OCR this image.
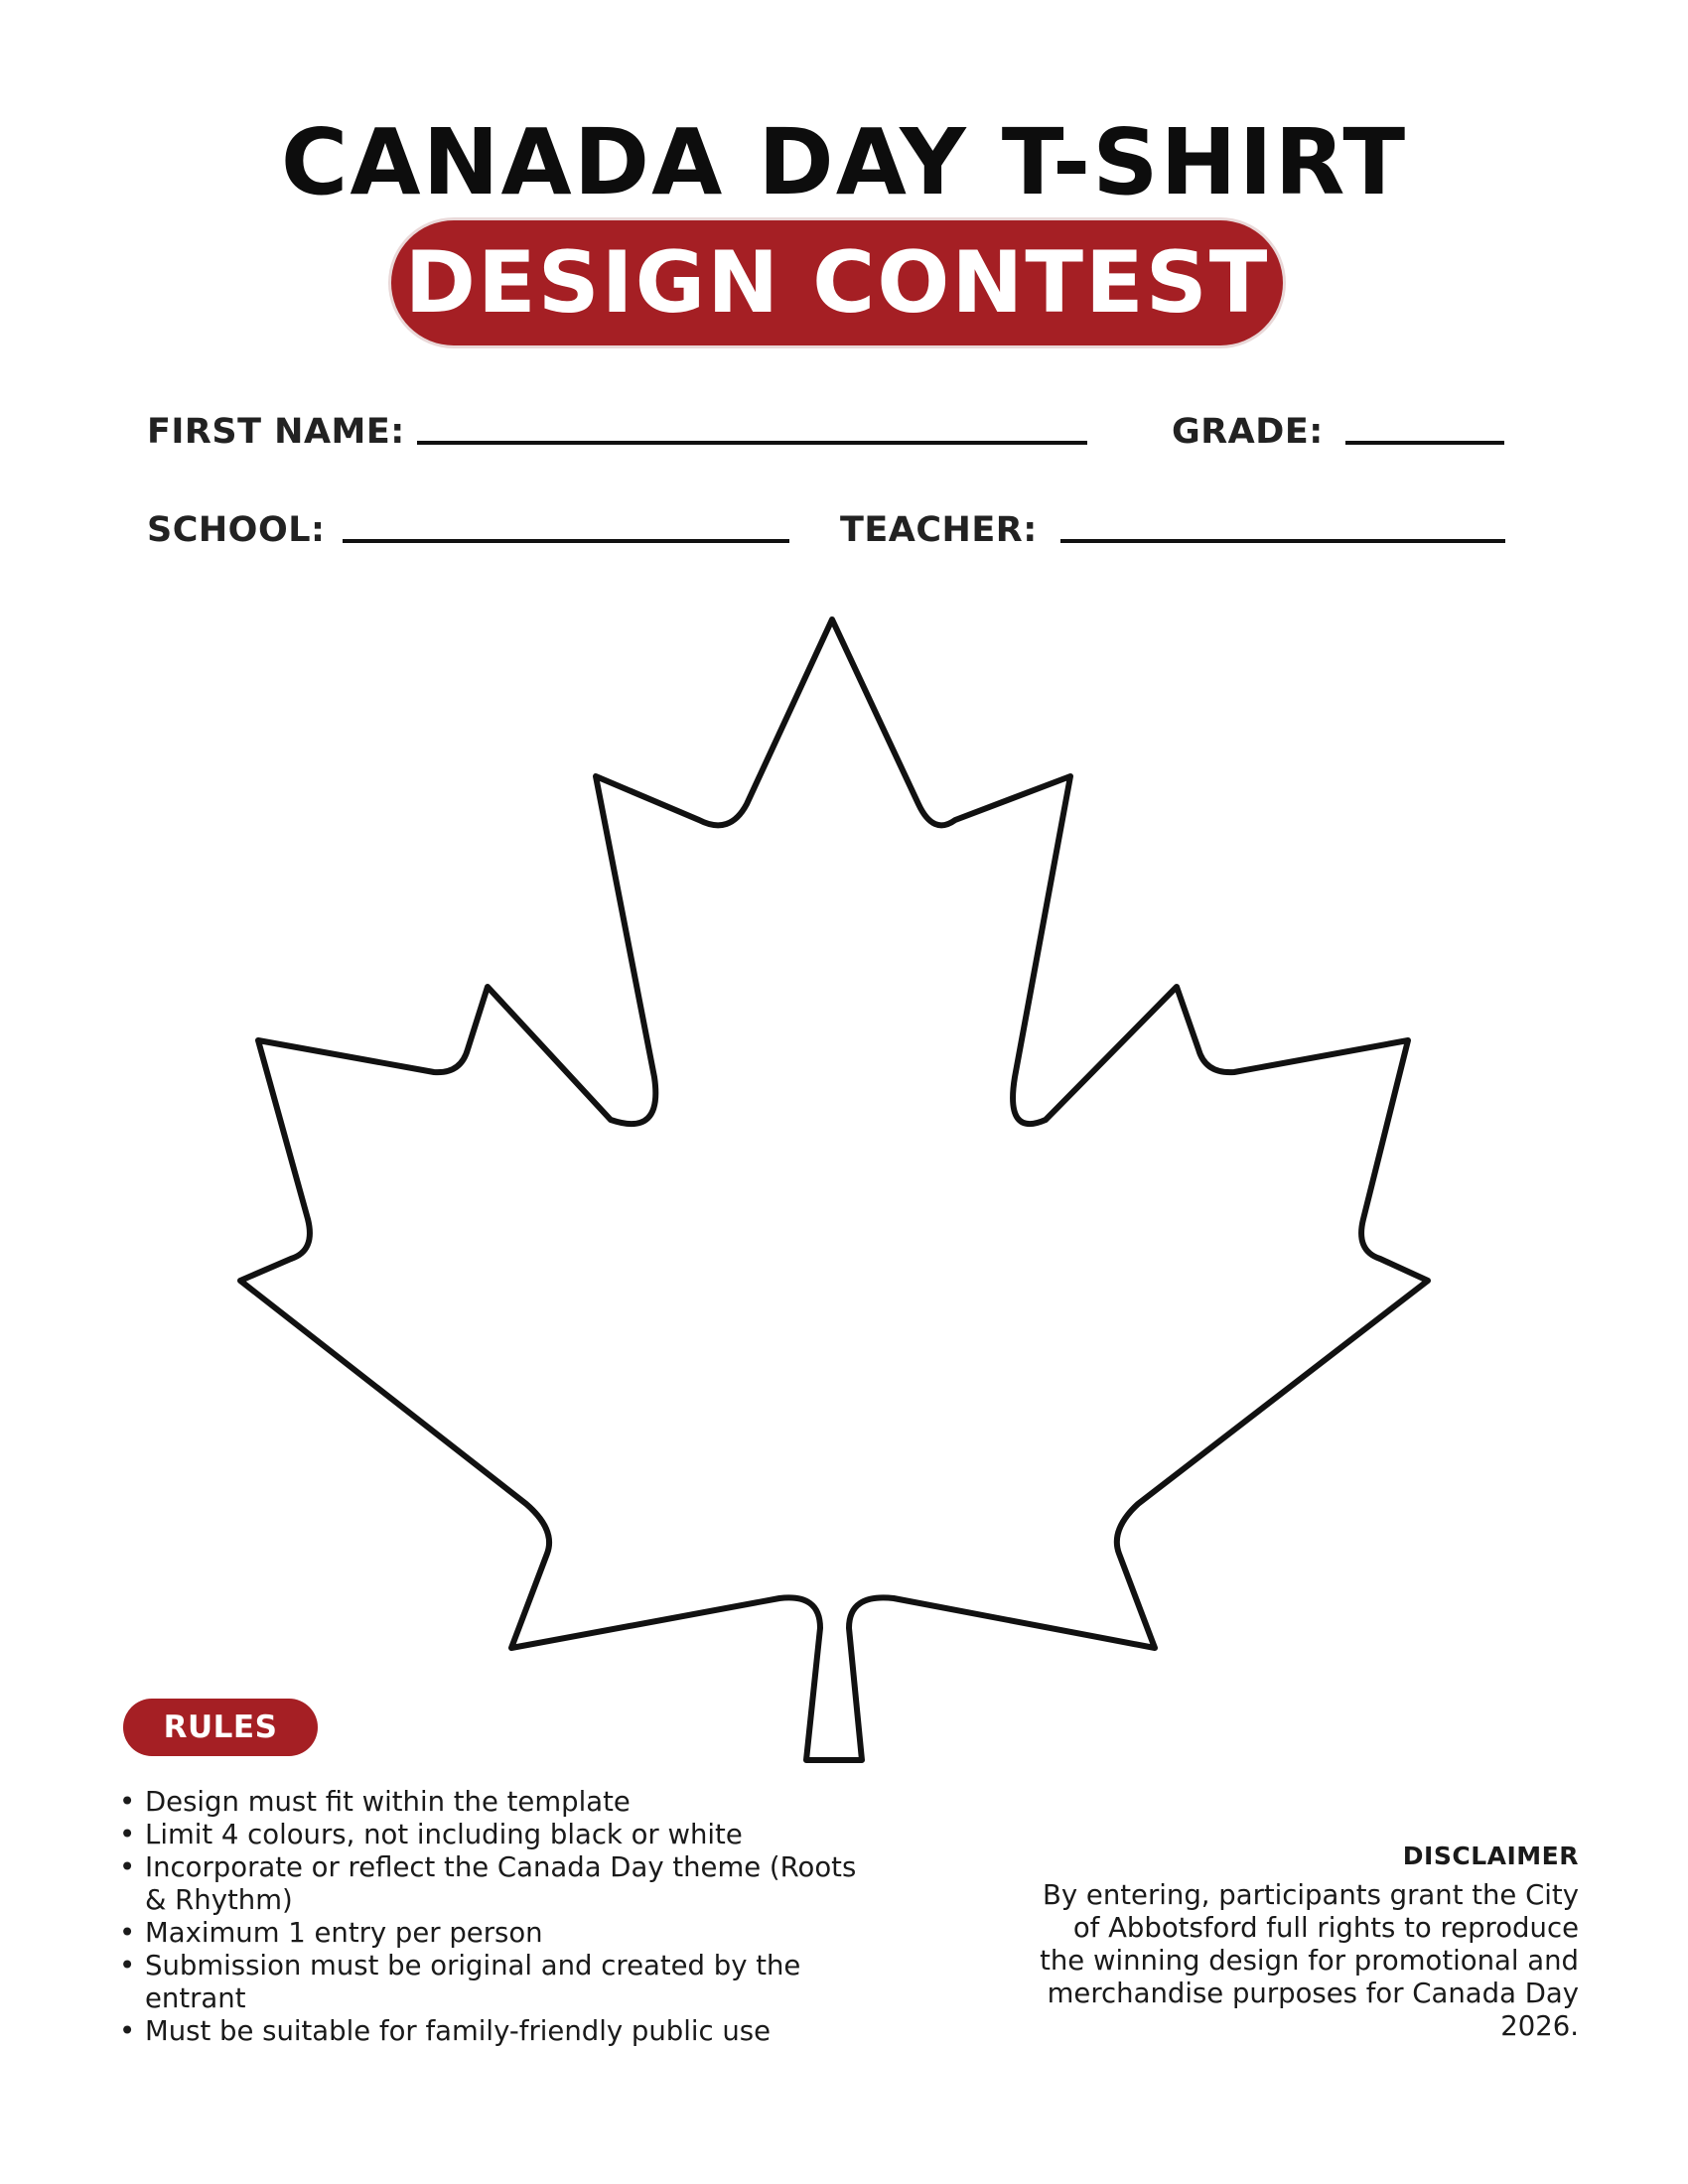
CANADA DAY T-SHIRT
DESIGN CONTEST
FIRST NAME:	GRADE:
SCHOOL:	TEACHER:
RULES
• Design must fit within the template
• Limit 4 colours, not including black or white
• Incorporate or reflect the Canada Day theme (Roots & Rhythm)
• Maximum 1 entry per person
• Submission must be original and created by the entrant
• Must be suitable for family-friendly public use
DISCLAIMER
By entering, participants grant the City of Abbotsford full rights to reproduce the winning design for promotional and merchandise purposes for Canada Day 2026.
